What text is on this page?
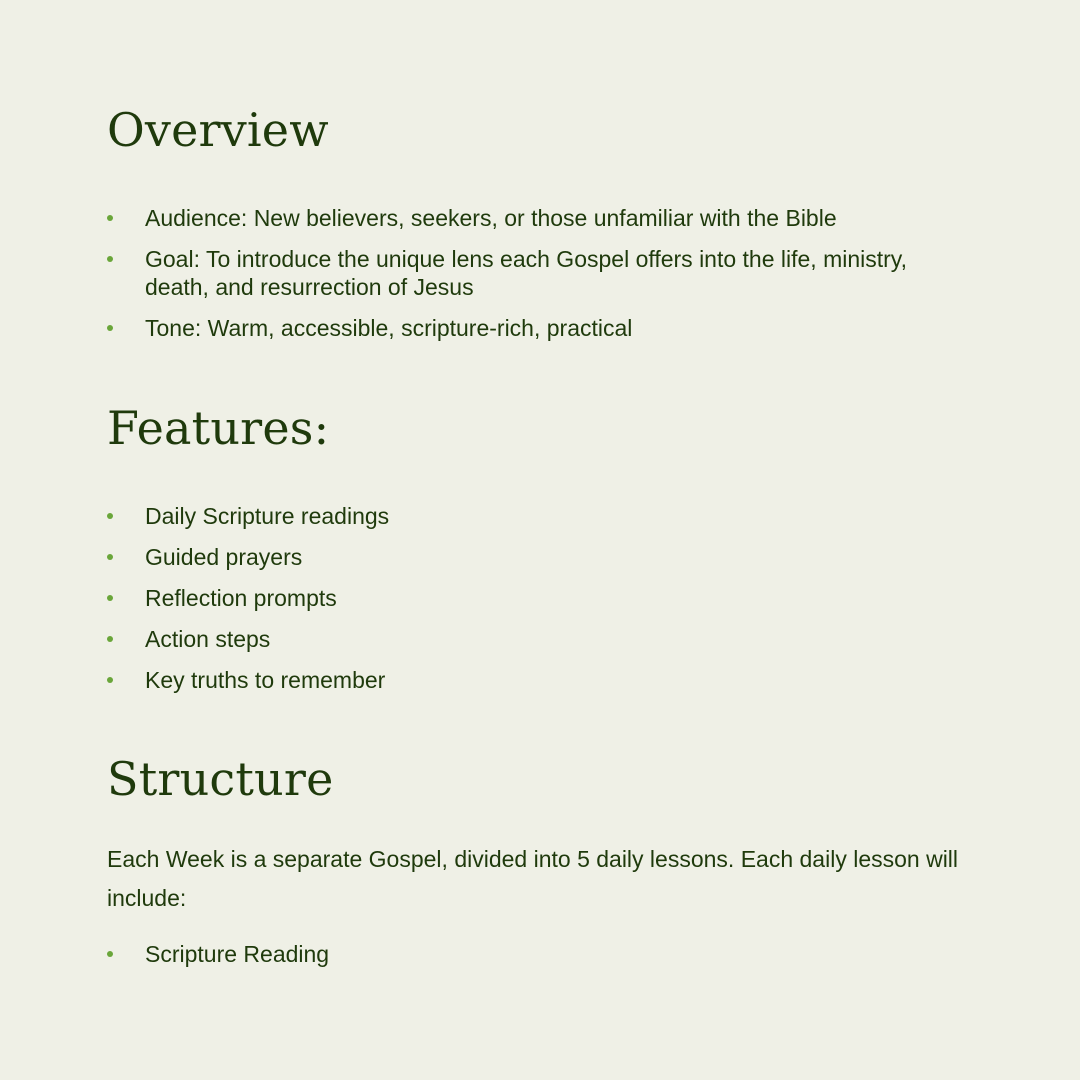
Overview
Audience: New believers, seekers, or those unfamiliar with the Bible
Goal: To introduce the unique lens each Gospel offers into the life, ministry, death, and resurrection of Jesus
Tone: Warm, accessible, scripture-rich, practical
Features:
Daily Scripture readings
Guided prayers
Reflection prompts
Action steps
Key truths to remember
Structure

Each Week is a separate Gospel, divided into 5 daily lessons. Each daily lesson will include:

Scripture Reading
